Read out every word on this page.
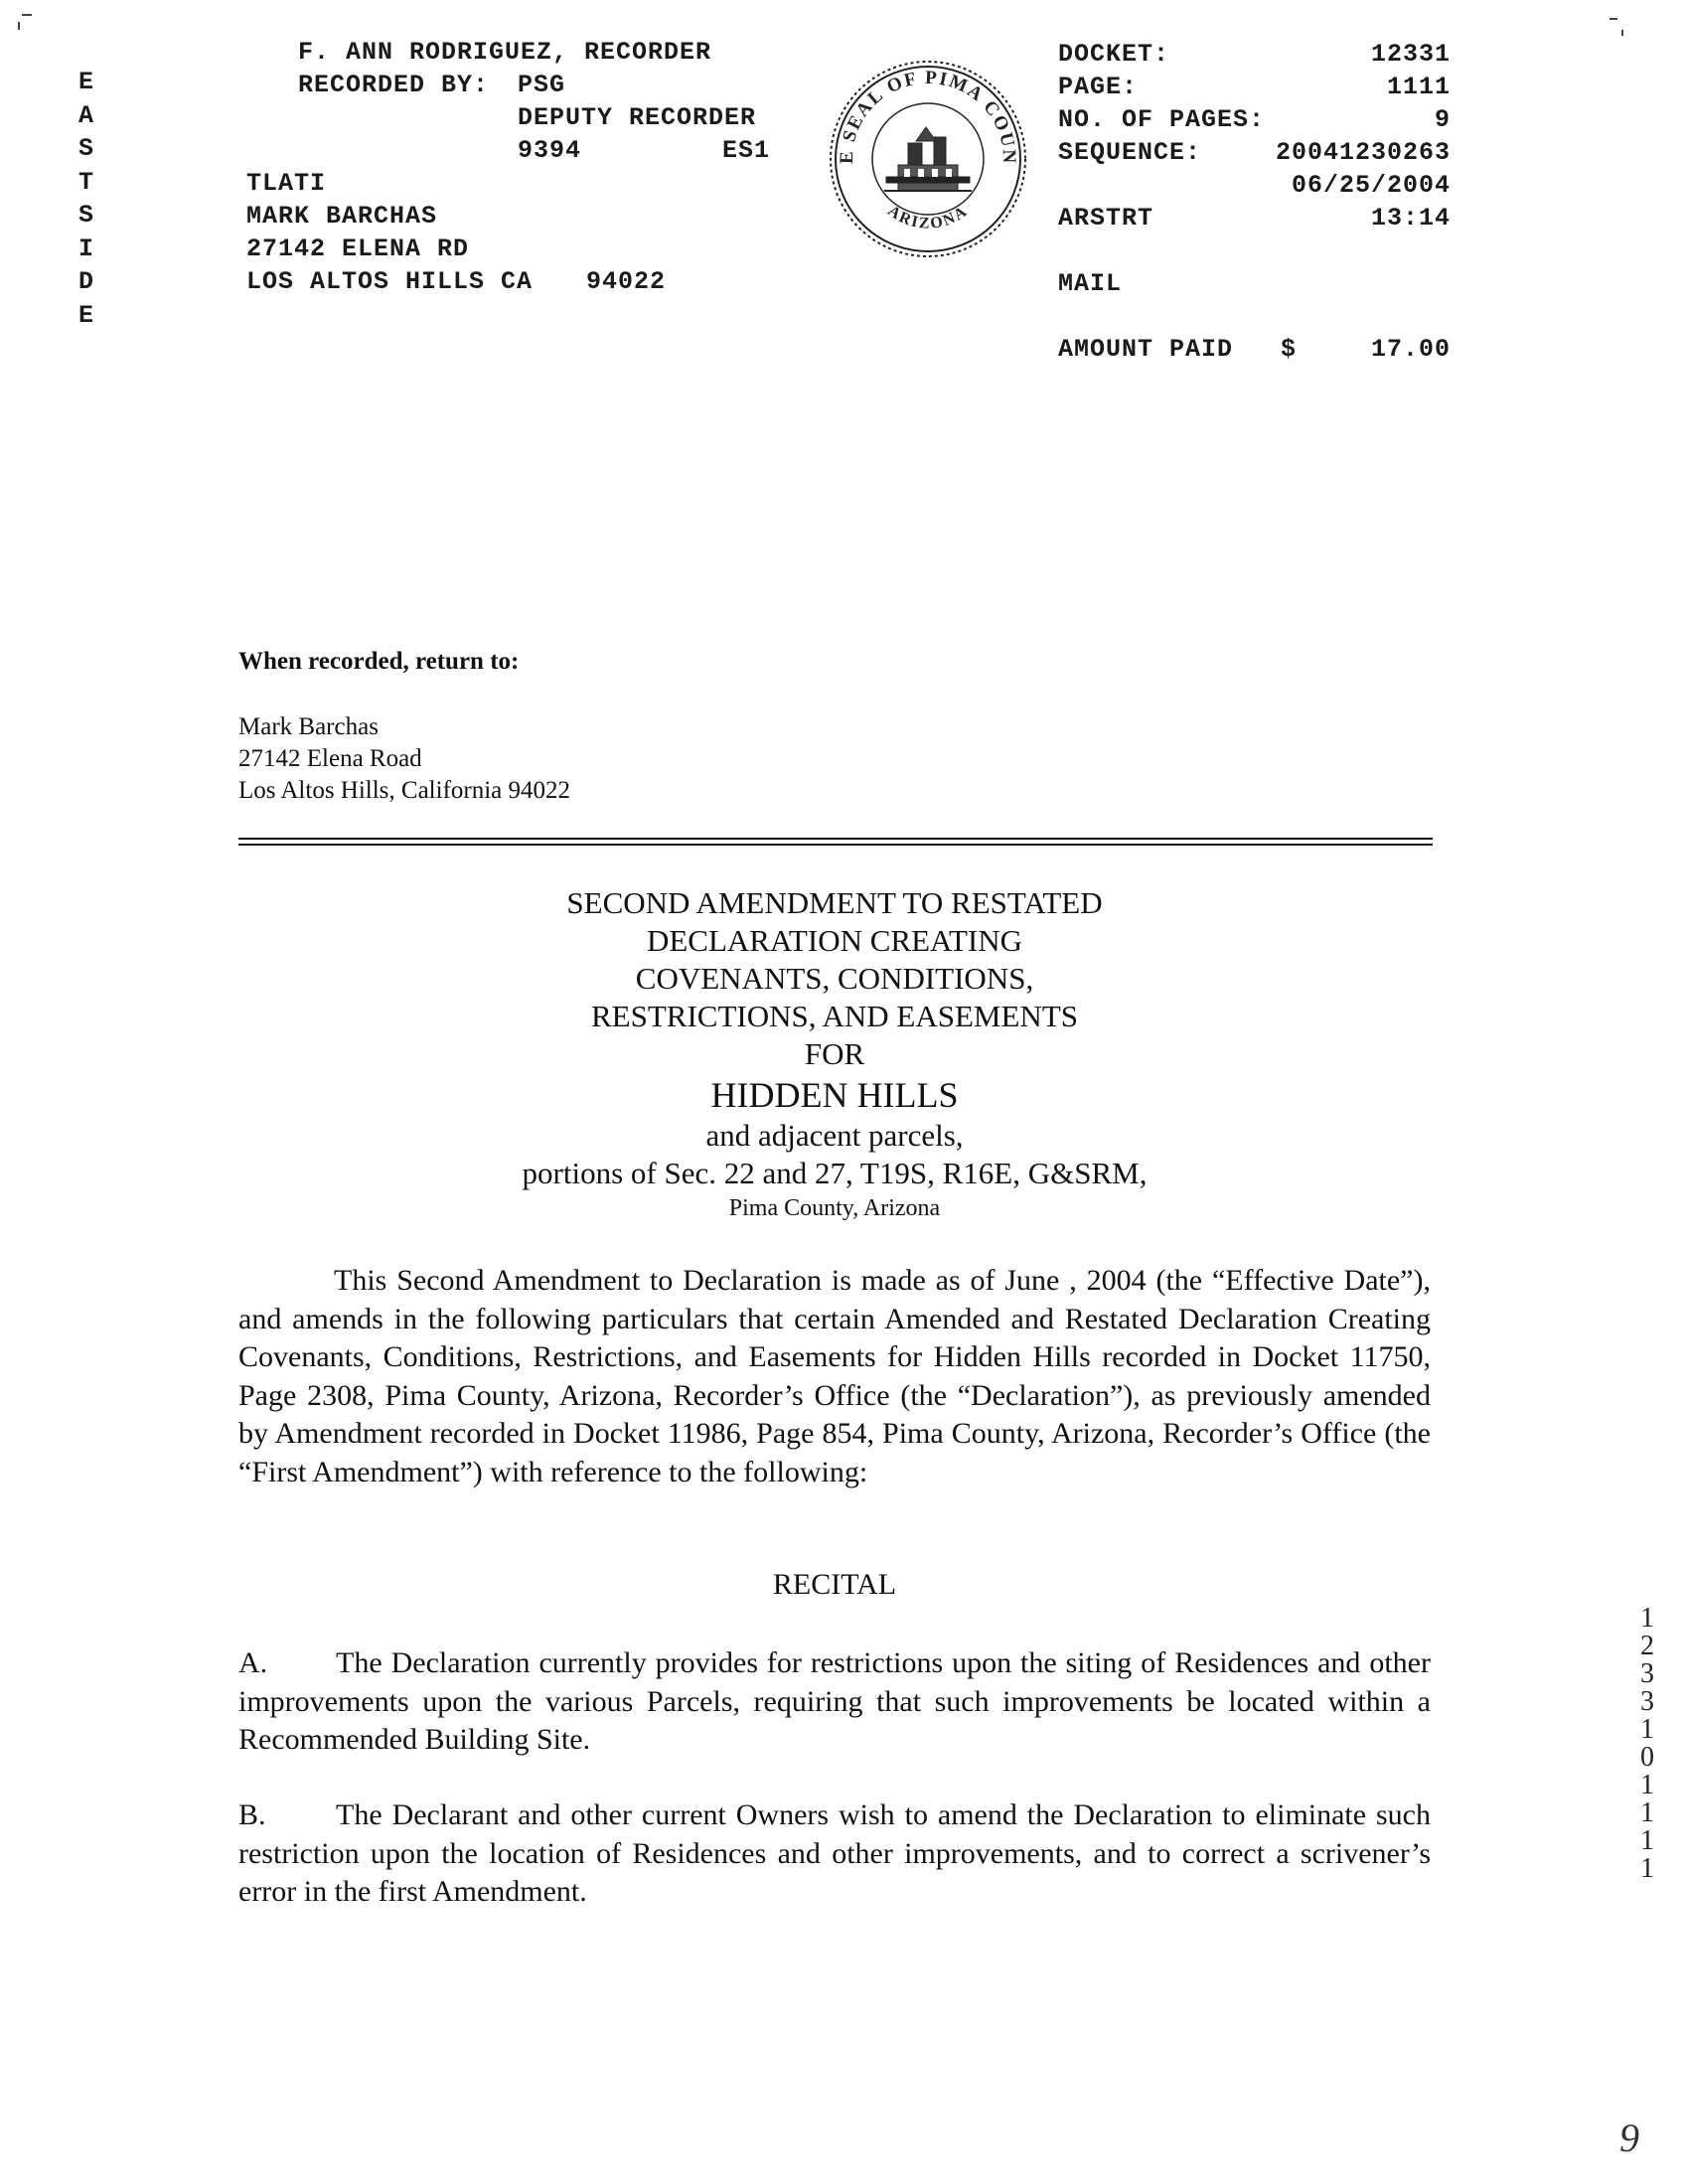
E
A
S
T
S
I
D
E
F. ANN RODRIGUEZ, RECORDER
RECORDED BY: PSG
DEPUTY RECORDER
9394	ES1
TLATI
MARK BARCHAS
27142 ELENA RD
LOS ALTOS HILLS CA 94022
E SEAL OF PIMA COUN
ARIZONA
DOCKET:	12331
PAGE:	1111
NO. OF PAGES:	9
SEQUENCE:	20041230263
06/25/2004
ARSTRT	13:14
MAIL
AMOUNT PAID   $	17.00
When recorded, return to:
Mark Barchas
27142 Elena Road
Los Altos Hills, California 94022
SECOND AMENDMENT TO RESTATED
DECLARATION CREATING
COVENANTS, CONDITIONS,
RESTRICTIONS, AND EASEMENTS
FOR
HIDDEN HILLS
and adjacent parcels,
portions of Sec. 22 and 27, T19S, R16E, G&SRM,
Pima County, Arizona
This Second Amendment to Declaration is made as of June , 2004 (the “Effective Date”), and amends in the following particulars that certain Amended and Restated Declaration Creating Covenants, Conditions, Restrictions, and Easements for Hidden Hills recorded in Docket 11750, Page 2308, Pima County, Arizona, Recorder’s Office (the “Declaration”), as previously amended by Amendment recorded in Docket 11986, Page 854, Pima County, Arizona, Recorder’s Office (the “First Amendment”) with reference to the following:
RECITAL
A. The Declaration currently provides for restrictions upon the siting of Residences and other improvements upon the various Parcels, requiring that such improvements be located within a Recommended Building Site.
B. The Declarant and other current Owners wish to amend the Declaration to eliminate such restriction upon the location of Residences and other improvements, and to correct a scrivener’s error in the first Amendment.
1
2
3
3
1
0
1
1
1
1
9
